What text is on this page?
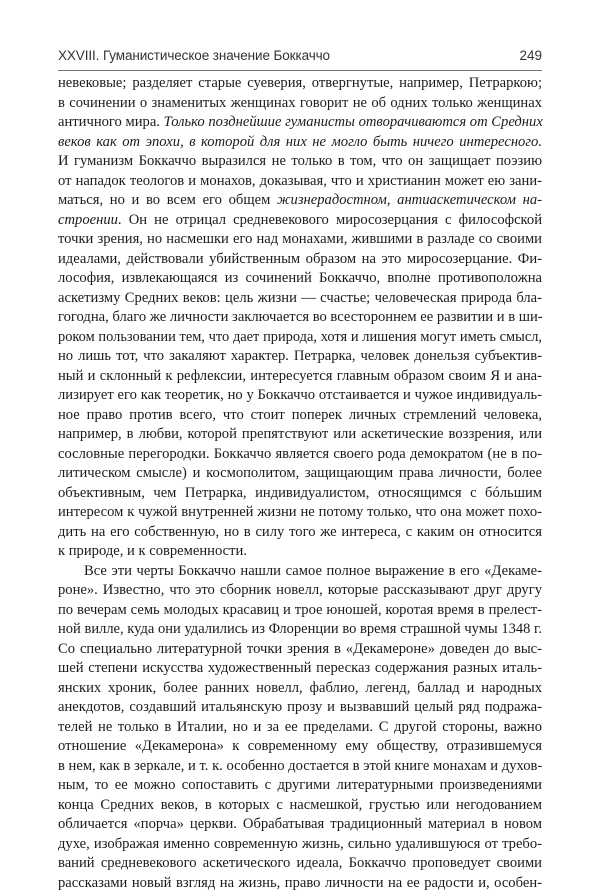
XXVIII. Гуманистическое значение Боккаччо	249
невековые; разделяет старые суеверия, отвергнутые, например, Петраркою;
в сочинении о знаменитых женщинах говорит не об одних только женщинах
античного мира. Только позднейшие гуманисты отворачиваются от Средних
веков как от эпохи, в которой для них не могло быть ничего интересного.
И гуманизм Боккаччо выразился не только в том, что он защищает поэзию
от нападок теологов и монахов, доказывая, что и христианин может ею зани-
маться, но и во всем его общем жизнерадостном, антиаскетическом на-
строении. Он не отрицал средневекового миросозерцания с философской
точки зрения, но насмешки его над монахами, жившими в разладе со своими
идеалами, действовали убийственным образом на это миросозерцание. Фи-
лософия, извлекающаяся из сочинений Боккаччо, вполне противоположна
аскетизму Средних веков: цель жизни — счастье; человеческая природа бла-
гогодна, благо же личности заключается во всестороннем ее развитии и в ши-
роком пользовании тем, что дает природа, хотя и лишения могут иметь смысл,
но лишь тот, что закаляют характер. Петрарка, человек донельзя субъектив-
ный и склонный к рефлексии, интересуется главным образом своим Я и ана-
лизирует его как теоретик, но у Боккаччо отстаивается и чужое индивидуаль-
ное право против всего, что стоит поперек личных стремлений человека,
например, в любви, которой препятствуют или аскетические воззрения, или
сословные перегородки. Боккаччо является своего рода демократом (не в по-
литическом смысле) и космополитом, защищающим права личности, более
объективным, чем Петрарка, индивидуалистом, относящимся с бóльшим
интересом к чужой внутренней жизни не потому только, что она может похо-
дить на его собственную, но в силу того же интереса, с каким он относится
к природе, и к современности.
Все эти черты Боккаччо нашли самое полное выражение в его «Декаме-
роне». Известно, что это сборник новелл, которые рассказывают друг другу
по вечерам семь молодых красавиц и трое юношей, коротая время в прелест-
ной вилле, куда они удалились из Флоренции во время страшной чумы 1348 г.
Со специально литературной точки зрения в «Декамероне» доведен до выс-
шей степени искусства художественный пересказ содержания разных италь-
янских хроник, более ранних новелл, фаблио, легенд, баллад и народных
анекдотов, создавший итальянскую прозу и вызвавший целый ряд подража-
телей не только в Италии, но и за ее пределами. С другой стороны, важно
отношение «Декамерона» к современному ему обществу, отразившемуся
в нем, как в зеркале, и т. к. особенно достается в этой книге монахам и духов-
ным, то ее можно сопоставить с другими литературными произведениями
конца Средних веков, в которых с насмешкой, грустью или негодованием
обличается «порча» церкви. Обрабатывая традиционный материал в новом
духе, изображая именно современную жизнь, сильно удалившуюся от требо-
ваний средневекового аскетического идеала, Боккаччо проповедует своими
рассказами новый взгляд на жизнь, право личности на ее радости и, особен-
